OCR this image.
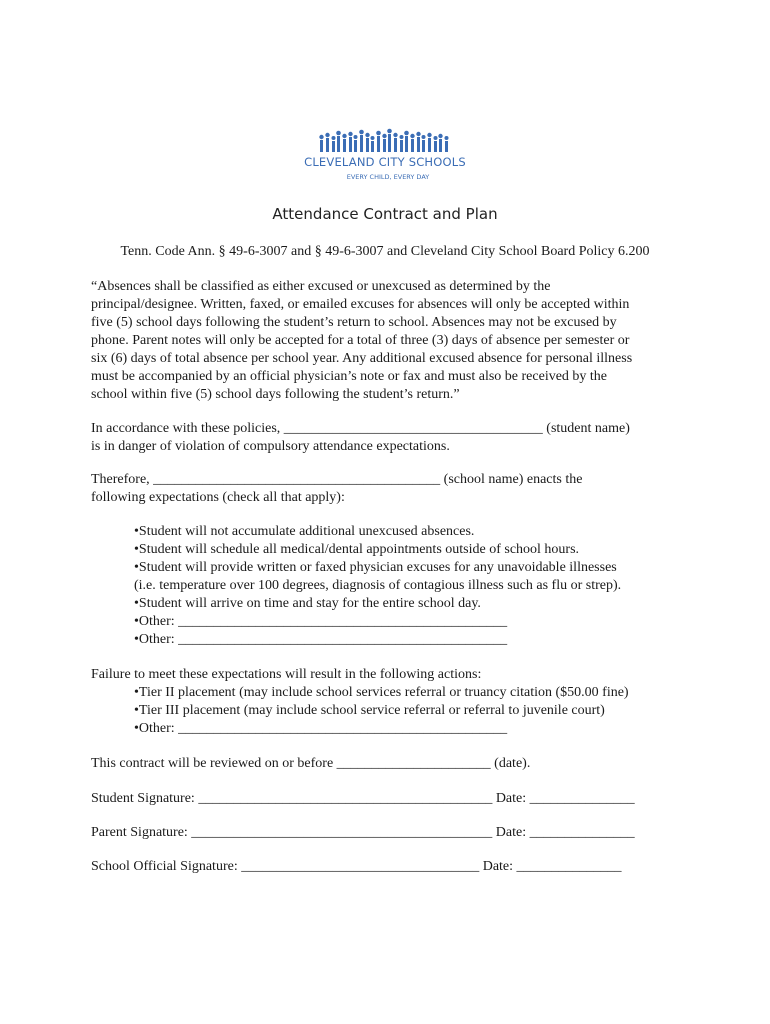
CLEVELAND CITY SCHOOLS
EVERY CHILD, EVERY DAY
Attendance Contract and Plan
Tenn. Code Ann. § 49-6-3007 and § 49-6-3007 and Cleveland City School Board Policy 6.200
“Absences shall be classified as either excused or unexcused as determined by the
principal/designee. Written, faxed, or emailed excuses for absences will only be accepted within
five (5) school days following the student’s return to school. Absences may not be excused by
phone. Parent notes will only be accepted for a total of three (3) days of absence per semester or
six (6) days of total absence per school year. Any additional excused absence for personal illness
must be accompanied by an official physician’s note or fax and must also be received by the
school within five (5) school days following the student’s return.”
In accordance with these policies, _____________________________________ (student name)
is in danger of violation of compulsory attendance expectations.
Therefore, _________________________________________ (school name) enacts the
following expectations (check all that apply):
•Student will not accumulate additional unexcused absences.
•Student will schedule all medical/dental appointments outside of school hours.
•Student will provide written or faxed physician excuses for any unavoidable illnesses
(i.e. temperature over 100 degrees, diagnosis of contagious illness such as flu or strep).
•Student will arrive on time and stay for the entire school day.
•Other: _______________________________________________
•Other: _______________________________________________
Failure to meet these expectations will result in the following actions:
•Tier II placement (may include school services referral or truancy citation ($50.00 fine)
•Tier III placement (may include school service referral or referral to juvenile court)
•Other: _______________________________________________
This contract will be reviewed on or before ______________________ (date).
Student Signature: __________________________________________ Date: _______________
Parent Signature: ___________________________________________ Date: _______________
School Official Signature: __________________________________ Date: _______________
